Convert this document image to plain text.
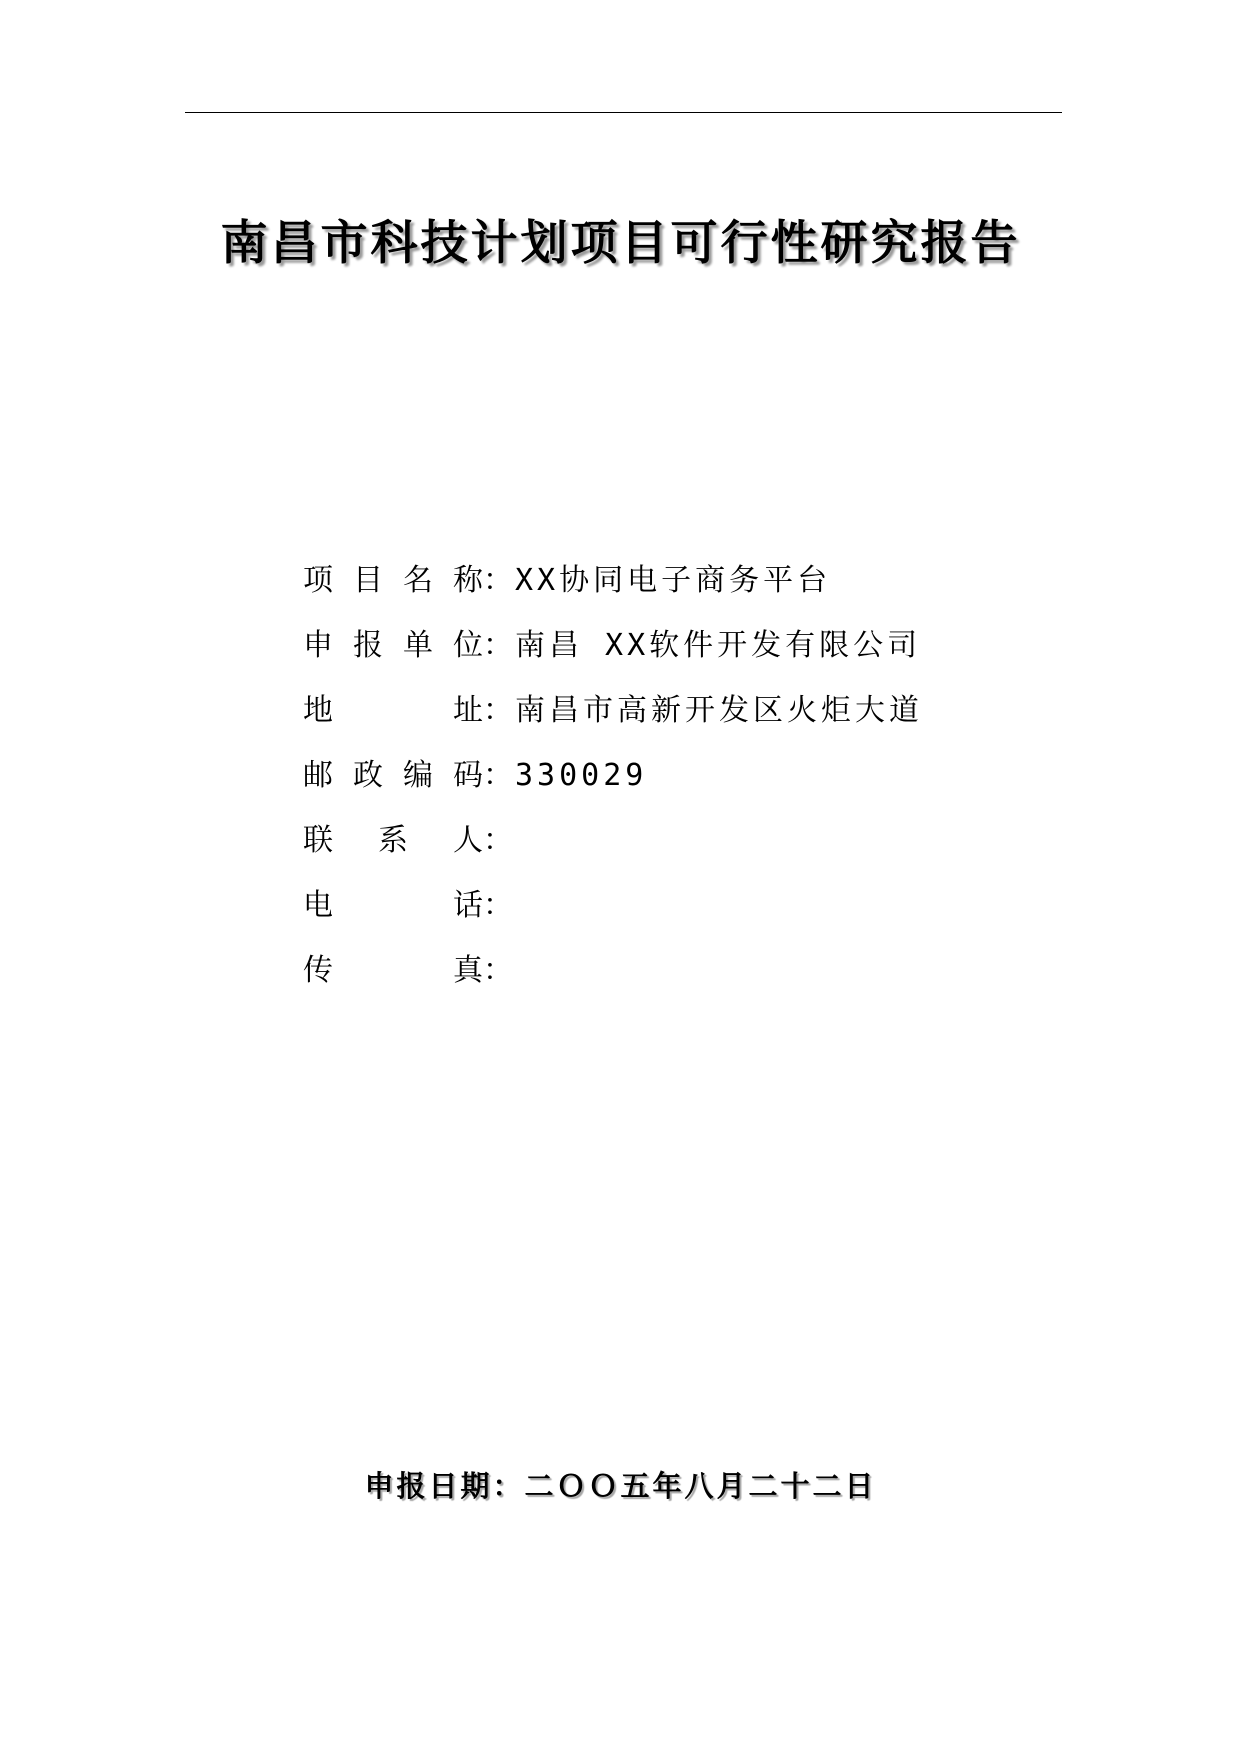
南昌市科技计划项目可行性研究报告
项 目 名 称 ： XX协同电子商务平台
申 报 单 位 ： 南昌 XX软件开发有限公司
地	址 ： 南昌市高新开发区火炬大道
邮 政 编 码 ： 330029
联 系 人 ：
电	话 ：
传	真 ：
申报日期：二ＯＯ五年八月二十二日
